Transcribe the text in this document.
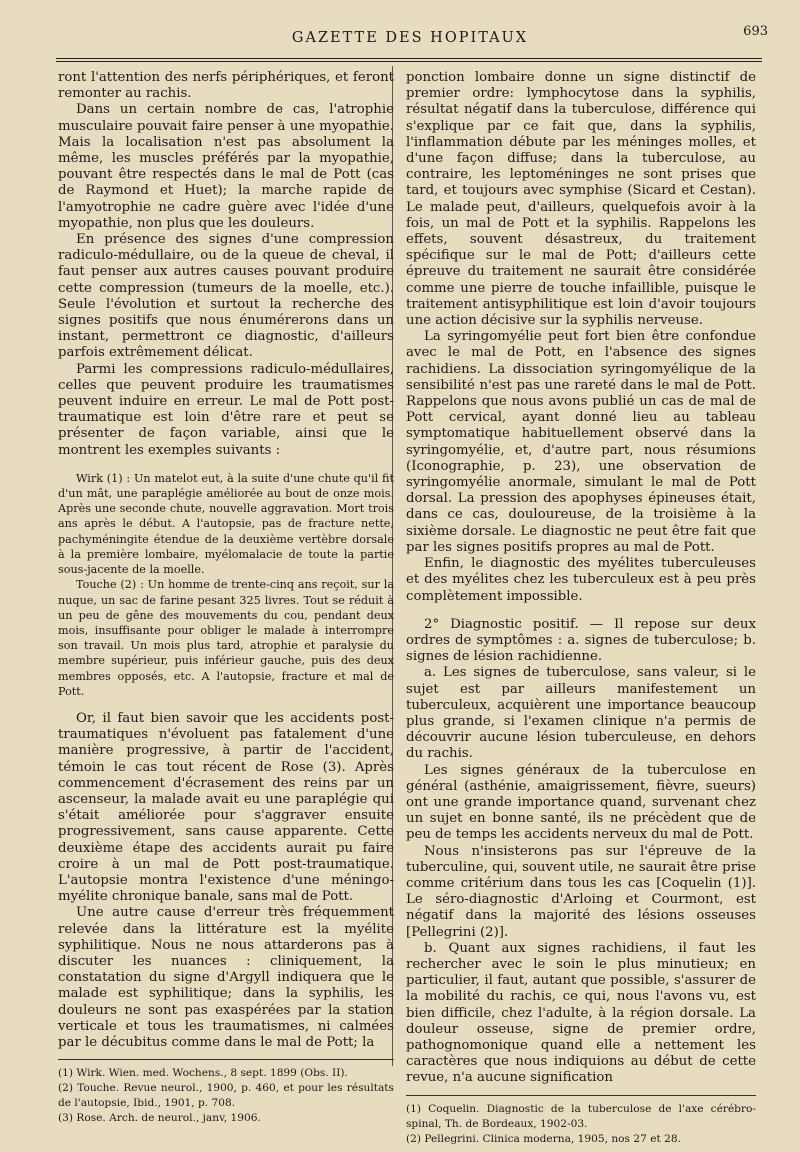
GAZETTE DES HOPITAUX	693

ront l'attention des nerfs périphériques, et feront remonter au rachis.

Dans un certain nombre de cas, l'atrophie musculaire pouvait faire penser à une myopathie. Mais la localisation n'est pas absolument la même, les muscles préférés par la myopathie, pouvant être respectés dans le mal de Pott (cas de Raymond et Huet); la marche rapide de l'amyotrophie ne cadre guère avec l'idée d'une myopathie, non plus que les douleurs.

En présence des signes d'une compression radiculo-médullaire, ou de la queue de cheval, il faut penser aux autres causes pouvant produire cette compression (tumeurs de la moelle, etc.). Seule l'évolution et surtout la recherche des signes positifs que nous énumérerons dans un instant, permettront ce diagnostic, d'ailleurs parfois extrêmement délicat.

Parmi les compressions radiculo-médullaires, celles que peuvent produire les traumatismes peuvent induire en erreur. Le mal de Pott post-traumatique est loin d'être rare et peut se présenter de façon variable, ainsi que le montrent les exemples suivants :

Wirk (1) : Un matelot eut, à la suite d'une chute qu'il fit d'un mât, une paraplégie améliorée au bout de onze mois. Après une seconde chute, nouvelle aggravation. Mort trois ans après le début. A l'autopsie, pas de fracture nette, pachyméningite étendue de la deuxième vertèbre dorsale à la première lombaire, myélomalacie de toute la partie sous-jacente de la moelle.

Touche (2) : Un homme de trente-cinq ans reçoit, sur la nuque, un sac de farine pesant 325 livres. Tout se réduit à un peu de gêne des mouvements du cou, pendant deux mois, insuffisante pour obliger le malade à interrompre son travail. Un mois plus tard, atrophie et paralysie du membre supérieur, puis inférieur gauche, puis des deux membres opposés, etc. A l'autopsie, fracture et mal de Pott.

Or, il faut bien savoir que les accidents post-traumatiques n'évoluent pas fatalement d'une manière progressive, à partir de l'accident, témoin le cas tout récent de Rose (3). Après commencement d'écrasement des reins par un ascenseur, la malade avait eu une paraplégie qui s'était améliorée pour s'aggraver ensuite progressivement, sans cause apparente. Cette deuxième étape des accidents aurait pu faire croire à un mal de Pott post-traumatique. L'autopsie montra l'existence d'une méningo-myélite chronique banale, sans mal de Pott.

Une autre cause d'erreur très fréquemment relevée dans la littérature est la myélite syphilitique. Nous ne nous attarderons pas à discuter les nuances : cliniquement, la constatation du signe d'Argyll indiquera que le malade est syphilitique; dans la syphilis, les douleurs ne sont pas exaspérées par la station verticale et tous les traumatismes, ni calmées par le décubitus comme dans le mal de Pott; la

(1) Wirk. Wien. med. Wochens., 8 sept. 1899 (Obs. II).

(2) Touche. Revue neurol., 1900, p. 460, et pour les résultats de l'autopsie, Ibid., 1901, p. 708.

(3) Rose. Arch. de neurol., janv, 1906.

ponction lombaire donne un signe distinctif de premier ordre: lymphocytose dans la syphilis, résultat négatif dans la tuberculose, différence qui s'explique par ce fait que, dans la syphilis, l'inflammation débute par les méninges molles, et d'une façon diffuse; dans la tuberculose, au contraire, les leptoméninges ne sont prises que tard, et toujours avec symphise (Sicard et Cestan). Le malade peut, d'ailleurs, quelquefois avoir à la fois, un mal de Pott et la syphilis. Rappelons les effets, souvent désastreux, du traitement spécifique sur le mal de Pott; d'ailleurs cette épreuve du traitement ne saurait être considérée comme une pierre de touche infaillible, puisque le traitement antisyphilitique est loin d'avoir toujours une action décisive sur la syphilis nerveuse.

La syringomyélie peut fort bien être confondue avec le mal de Pott, en l'absence des signes rachidiens. La dissociation syringomyélique de la sensibilité n'est pas une rareté dans le mal de Pott. Rappelons que nous avons publié un cas de mal de Pott cervical, ayant donné lieu au tableau symptomatique habituellement observé dans la syringomyélie, et, d'autre part, nous résumions (Iconographie, p. 23), une observation de syringomyélie anormale, simulant le mal de Pott dorsal. La pression des apophyses épineuses était, dans ce cas, douloureuse, de la troisième à la sixième dorsale. Le diagnostic ne peut être fait que par les signes positifs propres au mal de Pott.

Enfin, le diagnostic des myélites tuberculeuses et des myélites chez les tuberculeux est à peu près complètement impossible.

2° Diagnostic positif. — Il repose sur deux ordres de symptômes : a. signes de tuberculose; b. signes de lésion rachidienne.

a. Les signes de tuberculose, sans valeur, si le sujet est par ailleurs manifestement un tuberculeux, acquièrent une importance beaucoup plus grande, si l'examen clinique n'a permis de découvrir aucune lésion tuberculeuse, en dehors du rachis.

Les signes généraux de la tuberculose en général (asthénie, amaigrissement, fièvre, sueurs) ont une grande importance quand, survenant chez un sujet en bonne santé, ils ne précèdent que de peu de temps les accidents nerveux du mal de Pott.

Nous n'insisterons pas sur l'épreuve de la tuberculine, qui, souvent utile, ne saurait être prise comme critérium dans tous les cas [Coquelin (1)]. Le séro-diagnostic d'Arloing et Courmont, est négatif dans la majorité des lésions osseuses [Pellegrini (2)].

b. Quant aux signes rachidiens, il faut les rechercher avec le soin le plus minutieux; en particulier, il faut, autant que possible, s'assurer de la mobilité du rachis, ce qui, nous l'avons vu, est bien difficile, chez l'adulte, à la région dorsale. La douleur osseuse, signe de premier ordre, pathognomonique quand elle a nettement les caractères que nous indiquions au début de cette revue, n'a aucune signification

(1) Coquelin. Diagnostic de la tuberculose de l'axe cérébro-spinal, Th. de Bordeaux, 1902-03.

(2) Pellegrini. Clinica moderna, 1905, nos 27 et 28.
